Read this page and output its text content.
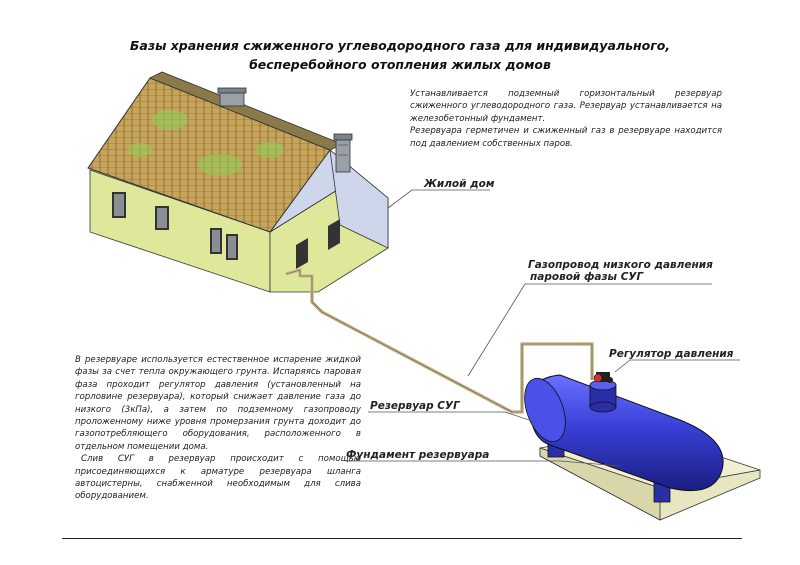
Базы хранения сжиженного углеводородного газа для индивидуального,
бесперебойного отопления жилых домов

Устанавливается подземный горизонтальный резервуар сжиженного углеводородного газа. Резервуар устанавливается на железобетонный фундамент.

Резервуара герметичен и сжиженный газ в резервуаре находится под давлением собственных паров.

В резервуаре используется естественное испарение жидкой фазы за счет тепла окружающего грунта. Испаряясь паровая фаза проходит регулятор давления (установленный на горловине резервуара), который снижает давление газа до низкого (3кПа), а затем по подземному газопроводу проложенному ниже уровня промерзания грунта доходит до газопотребляющего оборудования, расположенного в отдельном помещении дома.

Слив СУГ в резервуар происходит с помощью присоединяющихся к арматуре резервуара шланга автоцистерны, снабженной необходимым для слива оборудованием.

Жилой дом
Газопровод низкого давления
паровой фазы СУГ
Регулятор давления
Резервуар СУГ
Фундамент резервуара
